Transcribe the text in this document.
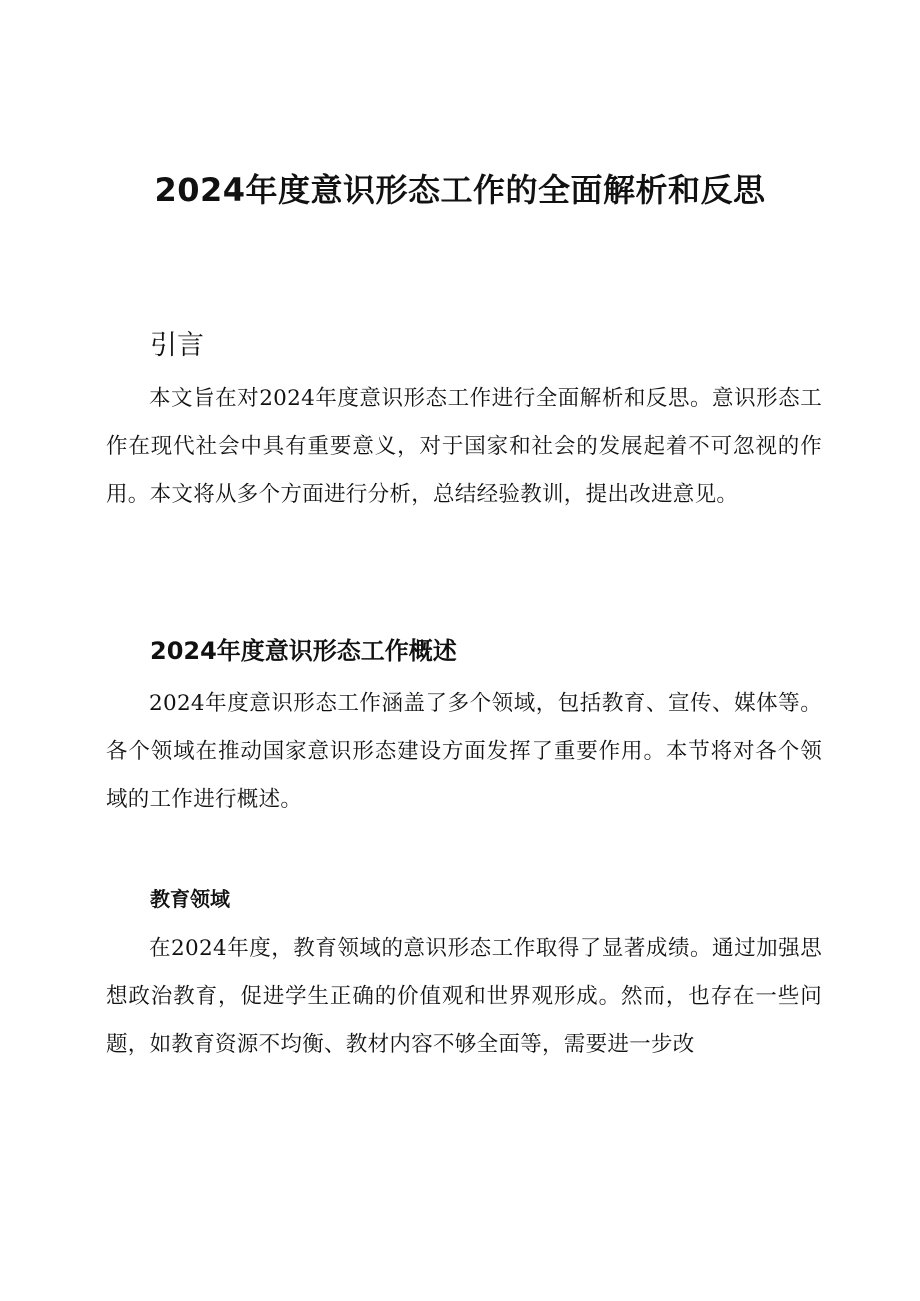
2024年度意识形态工作的全面解析和反思
引言

本文旨在对2024年度意识形态工作进行全面解析和反思。意识形态工作在现代社会中具有重要意义，对于国家和社会的发展起着不可忽视的作用。本文将从多个方面进行分析，总结经验教训，提出改进意见。

2024年度意识形态工作概述

2024年度意识形态工作涵盖了多个领域，包括教育、宣传、媒体等。各个领域在推动国家意识形态建设方面发挥了重要作用。本节将对各个领域的工作进行概述。

教育领域

在2024年度，教育领域的意识形态工作取得了显著成绩。通过加强思想政治教育，促进学生正确的价值观和世界观形成。然而，也存在一些问题，如教育资源不均衡、教材内容不够全面等，需要进一步改
